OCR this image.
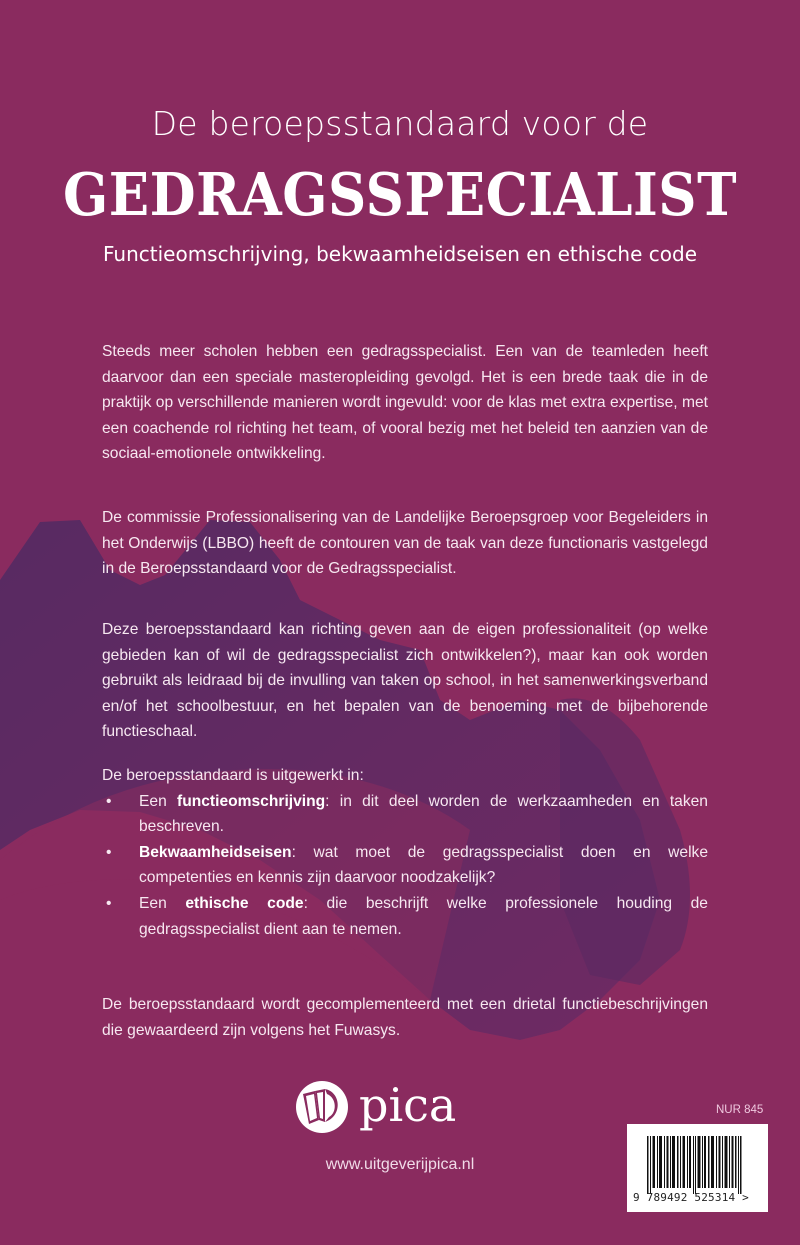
De beroepsstandaard voor de
GEDRAGSSPECIALIST
Functieomschrijving, bekwaamheidseisen en ethische code

Steeds meer scholen hebben een gedragsspecialist. Een van de teamleden heeft daarvoor dan een speciale masteropleiding gevolgd. Het is een brede taak die in de praktijk op verschillende manieren wordt ingevuld: voor de klas met extra expertise, met een coachende rol richting het team, of vooral bezig met het beleid ten aanzien van de sociaal-emotionele ontwikkeling.

De commissie Professionalisering van de Landelijke Beroepsgroep voor Begeleiders in het Onderwijs (LBBO) heeft de contouren van de taak van deze functionaris vastgelegd in de Beroepsstandaard voor de Gedragsspecialist.

Deze beroepsstandaard kan richting geven aan de eigen professionaliteit (op welke gebieden kan of wil de gedragsspecialist zich ontwikkelen?), maar kan ook worden gebruikt als leidraad bij de invulling van taken op school, in het samenwerkingsverband en/of het schoolbestuur, en het bepalen van de benoeming met de bijbehorende functieschaal.

De beroepsstandaard is uitgewerkt in:

• Een functieomschrijving: in dit deel worden de werkzaamheden en taken beschreven.
• Bekwaamheidseisen: wat moet de gedragsspecialist doen en welke competenties en kennis zijn daarvoor noodzakelijk?
• Een ethische code: die beschrijft welke professionele houding de gedragsspecialist dient aan te nemen.

De beroepsstandaard wordt gecomplementeerd met een drietal functiebeschrijvingen die gewaardeerd zijn volgens het Fuwasys.

pica
www.uitgeverijpica.nl
NUR 845
9 789492 525314 >
